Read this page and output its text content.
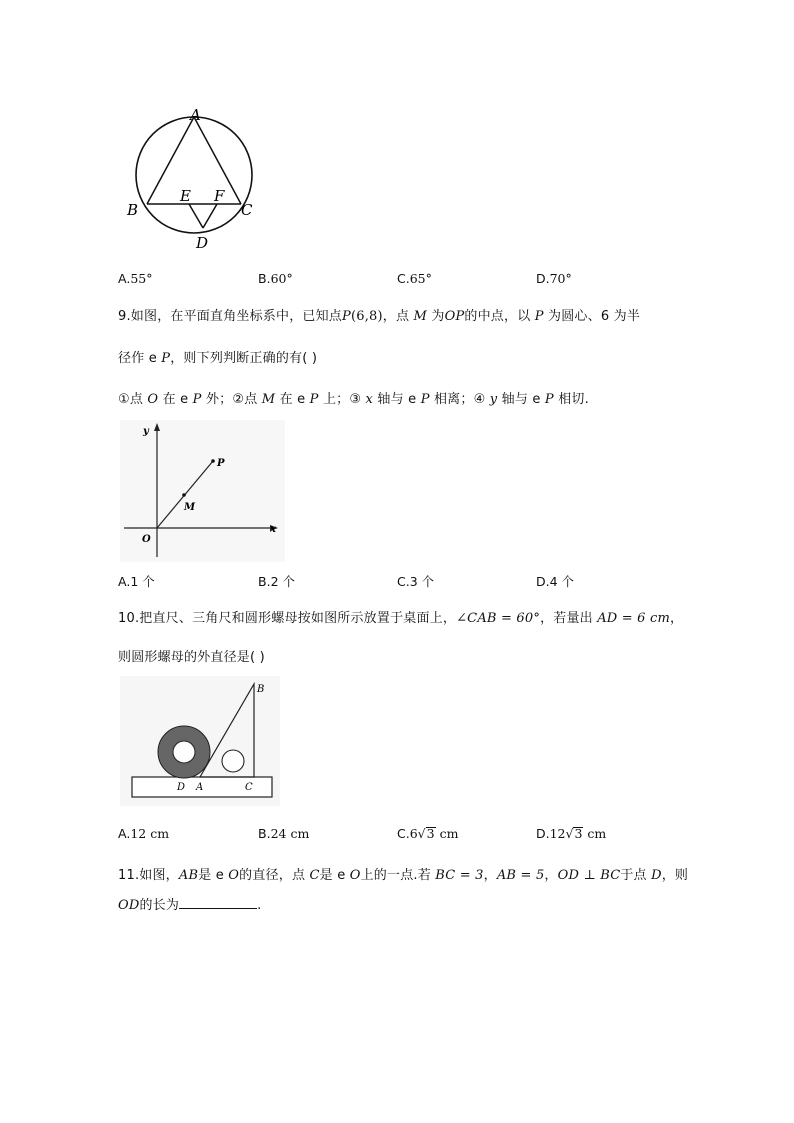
A
B	C
D
E F
A.55°	B.60°	C.65°	D.70°
9.如图，在平面直角坐标系中，已知点P(6,8)，点 M 为OP的中点，以 P 为圆心、6 为半
径作 e P，则下列判断正确的有( )
①点 O 在 e P 外；②点 M 在 e P 上；③ x 轴与 e P 相离；④ y 轴与 e P 相切.
y
x
O
M
P
A.1 个	B.2 个	C.3 个	D.4 个
10.把直尺、三角尺和圆形螺母按如图所示放置于桌面上，∠CAB = 60°，若量出 AD = 6 cm，
则圆形螺母的外直径是( )
B
D A	C
A.12 cm	B.24 cm	C.6√3 cm	D.12√3 cm
11.如图，AB是 e O的直径，点 C是 e O上的一点.若 BC = 3，AB = 5，OD ⊥ BC于点 D，则
OD的长为	.
